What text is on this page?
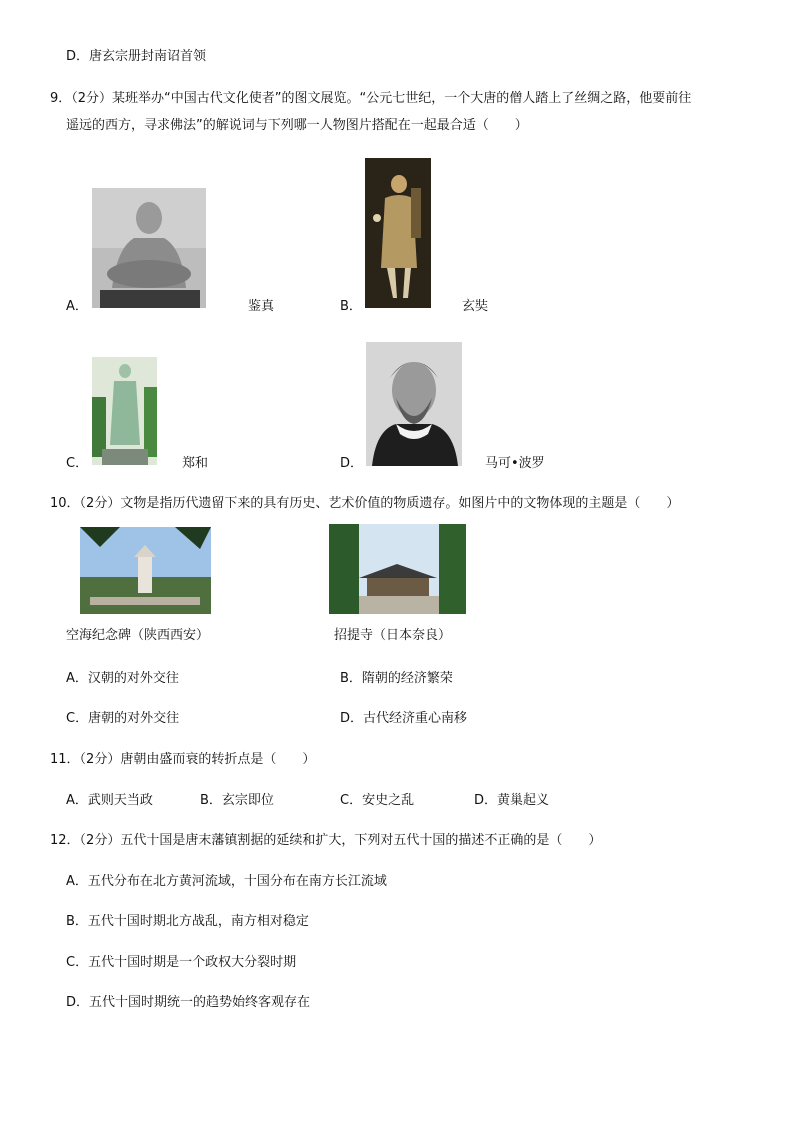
D．唐玄宗册封南诏首领
9．（2分）某班举办“中国古代文化使者”的图文展览。“公元七世纪，一个大唐的僧人踏上了丝绸之路，他要前往
遥远的西方，寻求佛法”的解说词与下列哪一人物图片搭配在一起最合适（　　）
A．	鉴真	B．	玄奘
C．	郑和	D．	马可•波罗
10．（2分）文物是指历代遗留下来的具有历史、艺术价值的物质遗存。如图片中的文物体现的主题是（　　）
空海纪念碑（陕西西安）	招提寺（日本奈良）
A．汉朝的对外交往	B．隋朝的经济繁荣
C．唐朝的对外交往	D．古代经济重心南移
11．（2分）唐朝由盛而衰的转折点是（　　）
A．武则天当政	B．玄宗即位	C．安史之乱	D．黄巢起义
12．（2分）五代十国是唐末藩镇割据的延续和扩大，下列对五代十国的描述不正确的是（　　）
A．五代分布在北方黄河流域，十国分布在南方长江流域
B．五代十国时期北方战乱，南方相对稳定
C．五代十国时期是一个政权大分裂时期
D．五代十国时期统一的趋势始终客观存在
